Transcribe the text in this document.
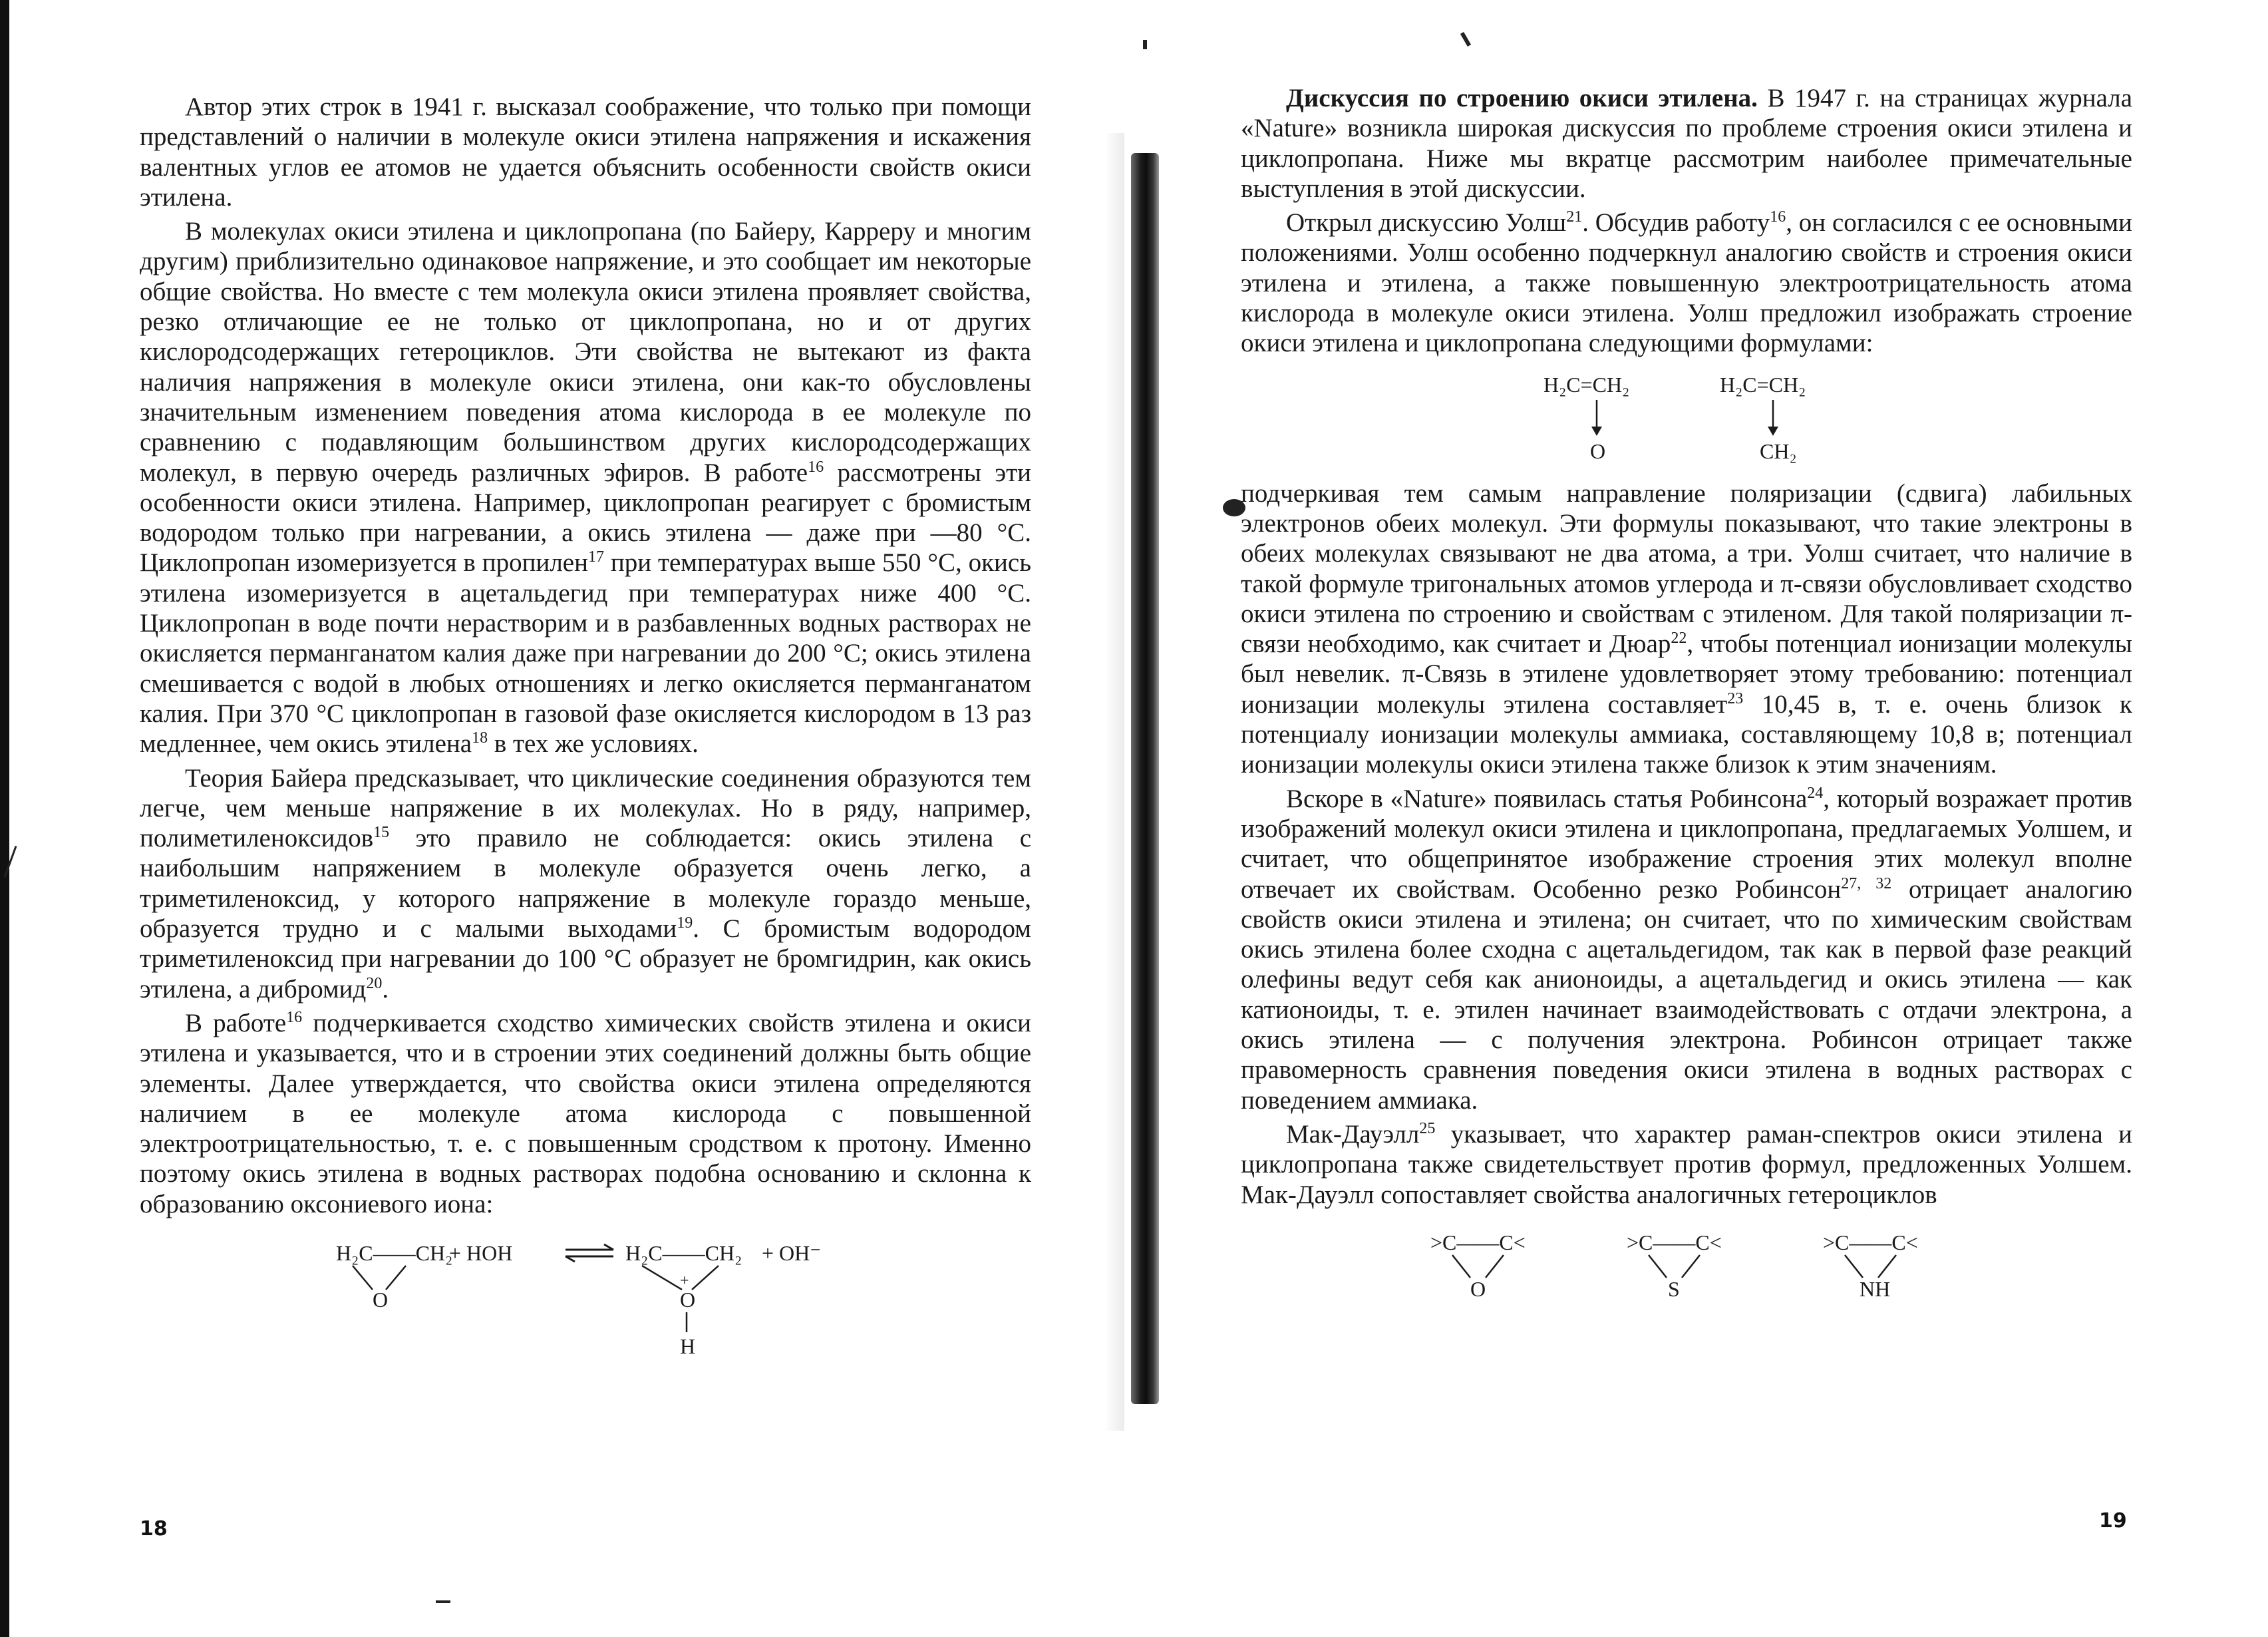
Автор этих строк в 1941 г. высказал соображение, что только при помощи представлений о наличии в молекуле окиси этилена напряжения и искажения валентных углов ее атомов не удается объяснить особенности свойств окиси этилена.

В молекулах окиси этилена и циклопропана (по Байеру, Карреру и многим другим) приблизительно одинаковое напряжение, и это сообщает им некоторые общие свойства. Но вместе с тем молекула окиси этилена проявляет свойства, резко отличающие ее не только от циклопропана, но и от других кислородсодержащих гетероциклов. Эти свойства не вытекают из факта наличия напряжения в молекуле окиси этилена, они как-то обусловлены значительным изменением поведения атома кислорода в ее молекуле по сравнению с подавляющим большинством других кислородсодержащих молекул, в первую очередь различных эфиров. В работе$^{16}$ рассмотрены эти особенности окиси этилена. Например, циклопропан реагирует с бромистым водородом только при нагревании, а окись этилена — даже при —80 °С. Циклопропан изомеризуется в пропилен$^{17}$ при температурах выше 550 °С, окись этилена изомеризуется в ацетальдегид при температурах ниже 400 °С. Циклопропан в воде почти нерастворим и в разбавленных водных растворах не окисляется перманганатом калия даже при нагревании до 200 °С; окись этилена смешивается с водой в любых отношениях и легко окисляется перманганатом калия. При 370 °С циклопропан в газовой фазе окисляется кислородом в 13 раз медленнее, чем окись этилена$^{18}$ в тех же условиях.

Теория Байера предсказывает, что циклические соединения образуются тем легче, чем меньше напряжение в их молекулах. Но в ряду, например, полиметиленоксидов$^{15}$ это правило не соблюдается: окись этилена с наибольшим напряжением в молекуле образуется очень легко, а триметиленоксид, у которого напряжение в молекуле гораздо меньше, образуется трудно и с малыми выходами$^{19}$. С бромистым водородом триметиленоксид при нагревании до 100 °С образует не бромгидрин, как окись этилена, а дибромид$^{20}$.

В работе$^{16}$ подчеркивается сходство химических свойств этилена и окиси этилена и указывается, что и в строении этих соединений должны быть общие элементы. Далее утверждается, что свойства окиси этилена определяются наличием в ее молекуле атома кислорода с повышенной электроотрицательностью, т. е. с повышенным сродством к протону. Именно поэтому окись этилена в водных растворах подобна основанию и склонна к образованию оксониевого иона:

H₂C——CH₂
+ HOH	H₂C——CH₂ + OH⁻
O
+
O
H
18

Дискуссия по строению окиси этилена. В 1947 г. на страницах журнала «Nature» возникла широкая дискуссия по проблеме строения окиси этилена и циклопропана. Ниже мы вкратце рассмотрим наиболее примечательные выступления в этой дискуссии.

Открыл дискуссию Уолш$^{21}$. Обсудив работу$^{16}$, он согласился с ее основными положениями. Уолш особенно подчеркнул аналогию свойств и строения окиси этилена и этилена, а также повышенную электроотрицательность атома кислорода в молекуле окиси этилена. Уолш предложил изображать строение окиси этилена и циклопропана следующими формулами:

H₂C=CH₂
O
H₂C=CH₂
CH₂

подчеркивая тем самым направление поляризации (сдвига) лабильных электронов обеих молекул. Эти формулы показывают, что такие электроны в обеих молекулах связывают не два атома, а три. Уолш считает, что наличие в такой формуле тригональных атомов углерода и π-связи обусловливает сходство окиси этилена по строению и свойствам с этиленом. Для такой поляризации π-связи необходимо, как считает и Дюар$^{22}$, чтобы потенциал ионизации молекулы был невелик. π-Связь в этилене удовлетворяет этому требованию: потенциал ионизации молекулы этилена составляет$^{23}$ 10,45 в, т. е. очень близок к потенциалу ионизации молекулы аммиака, составляющему 10,8 в; потенциал ионизации молекулы окиси этилена также близок к этим значениям.

Вскоре в «Nature» появилась статья Робинсона$^{24}$, который возражает против изображений молекул окиси этилена и циклопропана, предлагаемых Уолшем, и считает, что общепринятое изображение строения этих молекул вполне отвечает их свойствам. Особенно резко Робинсон$^{27, 32}$ отрицает аналогию свойств окиси этилена и этилена; он считает, что по химическим свойствам окись этилена более сходна с ацетальдегидом, так как в первой фазе реакций олефины ведут себя как анионоиды, а ацетальдегид и окись этилена — как катионоиды, т. е. этилен начинает взаимодействовать с отдачи электрона, а окись этилена — с получения электрона. Робинсон отрицает также правомерность сравнения поведения окиси этилена в водных растворах с поведением аммиака.

Мак-Дауэлл$^{25}$ указывает, что характер раман-спектров окиси этилена и циклопропана также свидетельствует против формул, предложенных Уолшем. Мак-Дауэлл сопоставляет свойства аналогичных гетероциклов

>C——C<
O
>C——C<
S
>C——C<
NH
19
